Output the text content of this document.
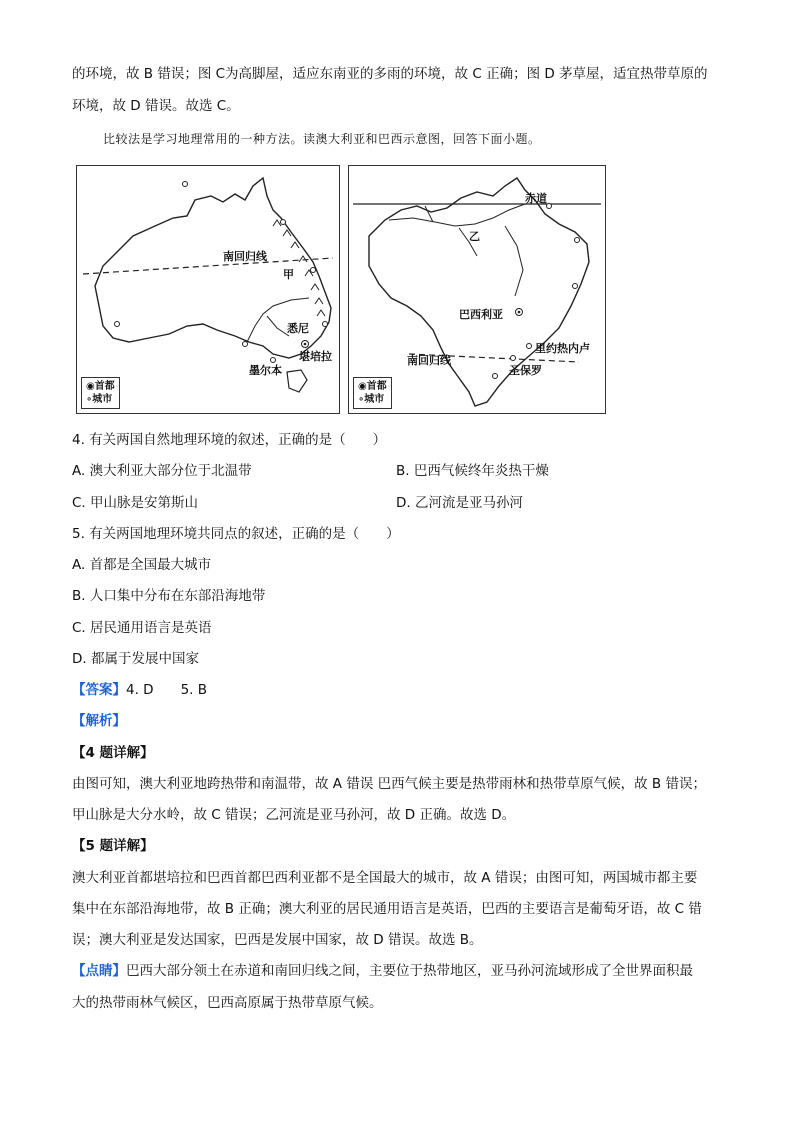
的环境，故 B 错误；图 C为高脚屋，适应东南亚的多雨的环境，故 C 正确；图 D 茅草屋，适宜热带草原的
环境，故 D 错误。故选 C。
比较法是学习地理常用的一种方法。读澳大利亚和巴西示意图，回答下面小题。
南回归线
甲
悉尼
堪培拉
墨尔本
◉首都
∘城市
赤道
乙
巴西利亚
里约热内卢
圣保罗
南回归线
◉首都
∘城市
4. 有关两国自然地理环境的叙述，正确的是（　　）
A. 澳大利亚大部分位于北温带	B. 巴西气候终年炎热干燥
C. 甲山脉是安第斯山	D. 乙河流是亚马孙河
5. 有关两国地理环境共同点的叙述，正确的是（　　）
A. 首都是全国最大城市
B. 人口集中分布在东部沿海地带
C. 居民通用语言是英语
D. 都属于发展中国家
【答案】4. D　　5. B
【解析】
【4 题详解】
由图可知，澳大利亚地跨热带和南温带，故 A 错误 巴西气候主要是热带雨林和热带草原气候，故 B 错误；
甲山脉是大分水岭，故 C 错误；乙河流是亚马孙河，故 D 正确。故选 D。
【5 题详解】
澳大利亚首都堪培拉和巴西首都巴西利亚都不是全国最大的城市，故 A 错误；由图可知，两国城市都主要
集中在东部沿海地带，故 B 正确；澳大利亚的居民通用语言是英语，巴西的主要语言是葡萄牙语，故 C 错
误；澳大利亚是发达国家，巴西是发展中国家，故 D 错误。故选 B。
【点睛】巴西大部分领土在赤道和南回归线之间，主要位于热带地区，亚马孙河流域形成了全世界面积最
大的热带雨林气候区，巴西高原属于热带草原气候。
